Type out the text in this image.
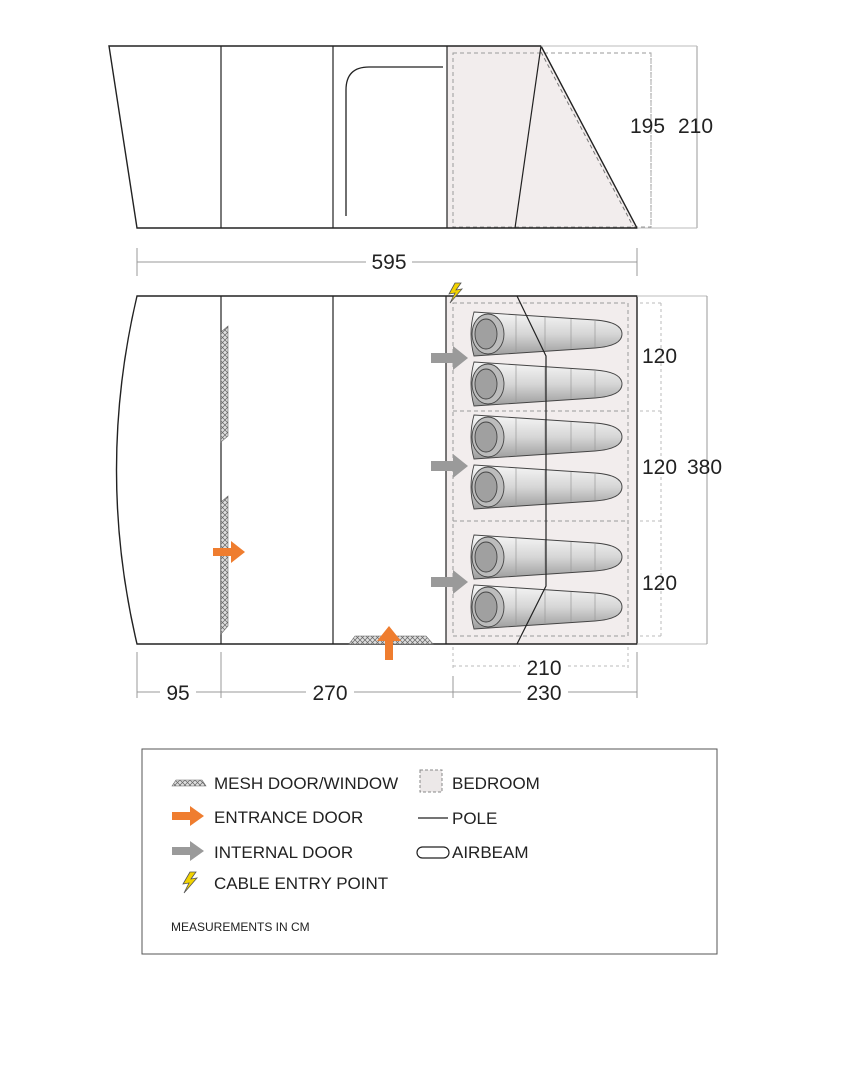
195 210
595
120
120 380
120
210
95	270	230
MESH DOOR/WINDOW
ENTRANCE DOOR
INTERNAL DOOR
CABLE ENTRY POINT
BEDROOM
POLE
AIRBEAM
MEASUREMENTS IN CM
